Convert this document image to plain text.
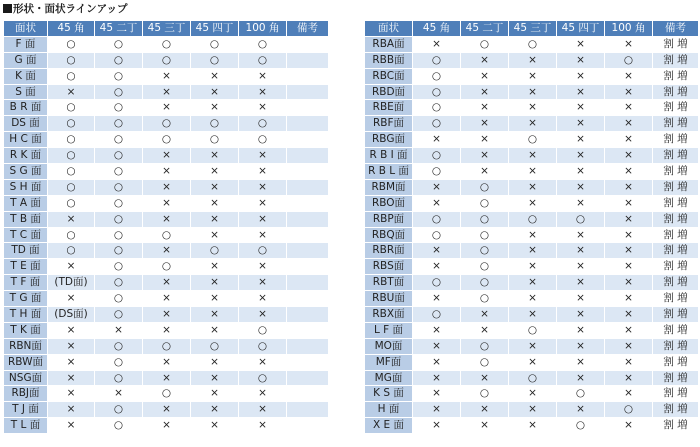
形状・面状ラインアップ
面状	45 角	45 二丁	45 三丁	45 四丁	100 角	備考
F 面	○	○	○	○	○	
G 面	○	○	○	○	○	
K 面	○	○	×	×	×	
S 面	×	○	×	×	×	
B R 面	○	○	×	×	×	
DS 面	○	○	○	○	○	
H C 面	○	○	○	○	○	
R K 面	○	○	×	×	×	
S G 面	○	○	×	×	×	
S H 面	○	○	×	×	×	
T A 面	○	○	×	×	×	
T B 面	×	○	×	×	×	
T C 面	○	○	○	×	×	
TD 面	○	○	×	○	○	
T E 面	×	○	○	×	×	
T F 面	(TD面)	○	×	×	×	
T G 面	×	○	×	×	×	
T H 面	(DS面)	○	×	×	×	
T K 面	×	×	×	×	○	
RBN面	×	○	○	○	○	
RBW面	×	○	×	×	×	
NSG面	×	○	×	×	○	
RBJ面	×	×	○	×	×	
T J 面	×	○	×	×	×	
T L 面	×	○	×	×	×	
面状	45 角	45 二丁	45 三丁	45 四丁	100 角	備考
RBA面	×	○	○	×	×	割 増
RBB面	○	×	×	×	○	割 増
RBC面	○	×	×	×	×	割 増
RBD面	○	×	×	×	×	割 増
RBE面	○	×	×	×	×	割 増
RBF面	○	×	×	×	×	割 増
RBG面	×	×	○	×	×	割 増
R B I 面	○	×	×	×	×	割 増
R B L 面	○	×	×	×	×	割 増
RBM面	×	○	×	×	×	割 増
RBO面	×	○	×	×	×	割 増
RBP面	○	○	○	○	×	割 増
RBQ面	○	○	×	×	×	割 増
RBR面	×	○	×	×	×	割 増
RBS面	×	○	×	×	×	割 増
RBT面	○	○	×	×	×	割 増
RBU面	×	○	×	×	×	割 増
RBX面	○	×	×	×	×	割 増
L F 面	×	×	○	×	×	割 増
MO面	×	○	×	×	×	割 増
MF面	×	○	×	×	×	割 増
MG面	×	×	○	×	×	割 増
K S 面	×	○	×	○	×	割 増
H 面	×	×	×	×	○	割 増
X E 面	×	×	×	○	×	割 増
